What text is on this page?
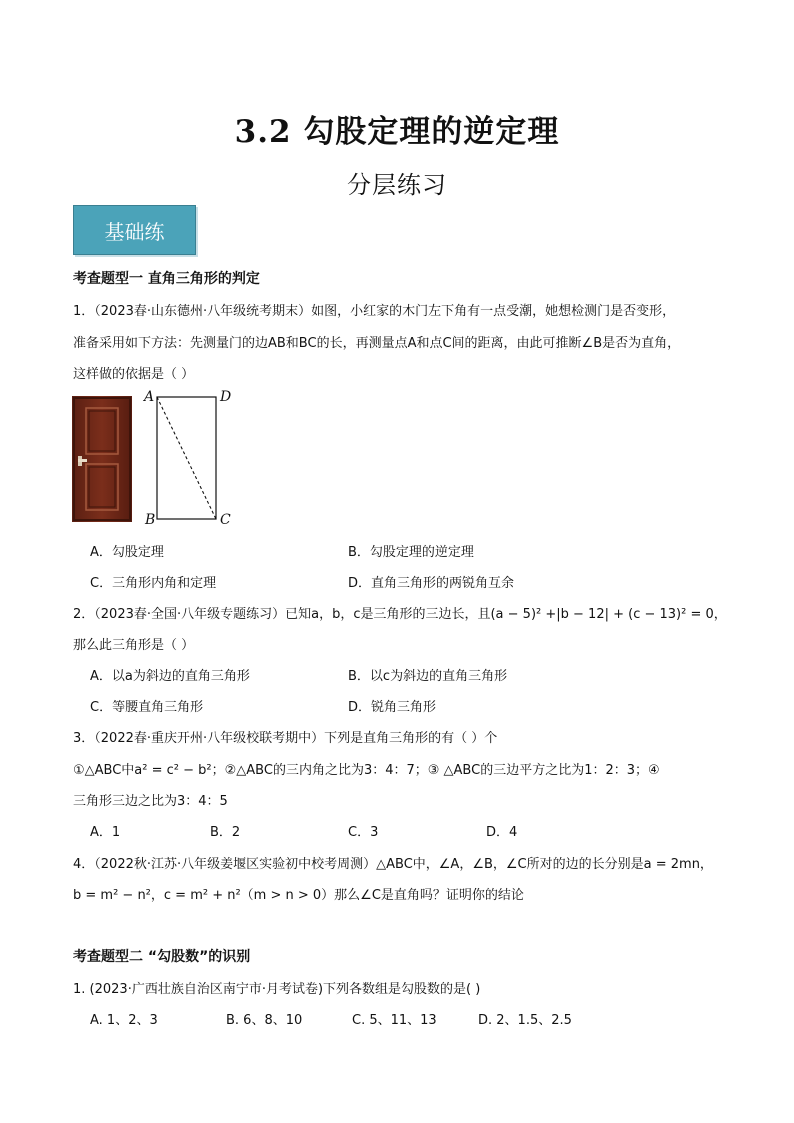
3.2 勾股定理的逆定理
分层练习
基础练
考查题型一 直角三角形的判定
1．（2023春·山东德州·八年级统考期末）如图，小红家的木门左下角有一点受潮，她想检测门是否变形，
准备采用如下方法：先测量门的边AB和BC的长，再测量点A和点C间的距离，由此可推断∠B是否为直角，
这样做的依据是（ ）
A	D
B	C
A．勾股定理	B．勾股定理的逆定理
C．三角形内角和定理	D．直角三角形的两锐角互余
2．（2023春·全国·八年级专题练习）已知a，b，c是三角形的三边长，且(a − 5)² +|b − 12| + (c − 13)² = 0，
那么此三角形是（ ）
A．以a为斜边的直角三角形	B．以c为斜边的直角三角形
C．等腰直角三角形	D．锐角三角形
3．（2022春·重庆开州·八年级校联考期中）下列是直角三角形的有（ ）个
①△ABC中a² = c² − b²；②△ABC的三内角之比为3：4：7；③ △ABC的三边平方之比为1：2：3；④
三角形三边之比为3：4：5
A．1	B．2	C．3	D．4
4．（2022秋·江苏·八年级姜堰区实验初中校考周测）△ABC中，∠A，∠B，∠C所对的边的长分别是a = 2mn，
b = m² − n²，c = m² + n²（m > n > 0）那么∠C是直角吗？证明你的结论
考查题型二 “勾股数”的识别
1. (2023·广西壮族自治区南宁市·月考试卷)下列各数组是勾股数的是( )
A. 1、2、3	B. 6、8、10	C. 5、11、13	D. 2、1.5、2.5
